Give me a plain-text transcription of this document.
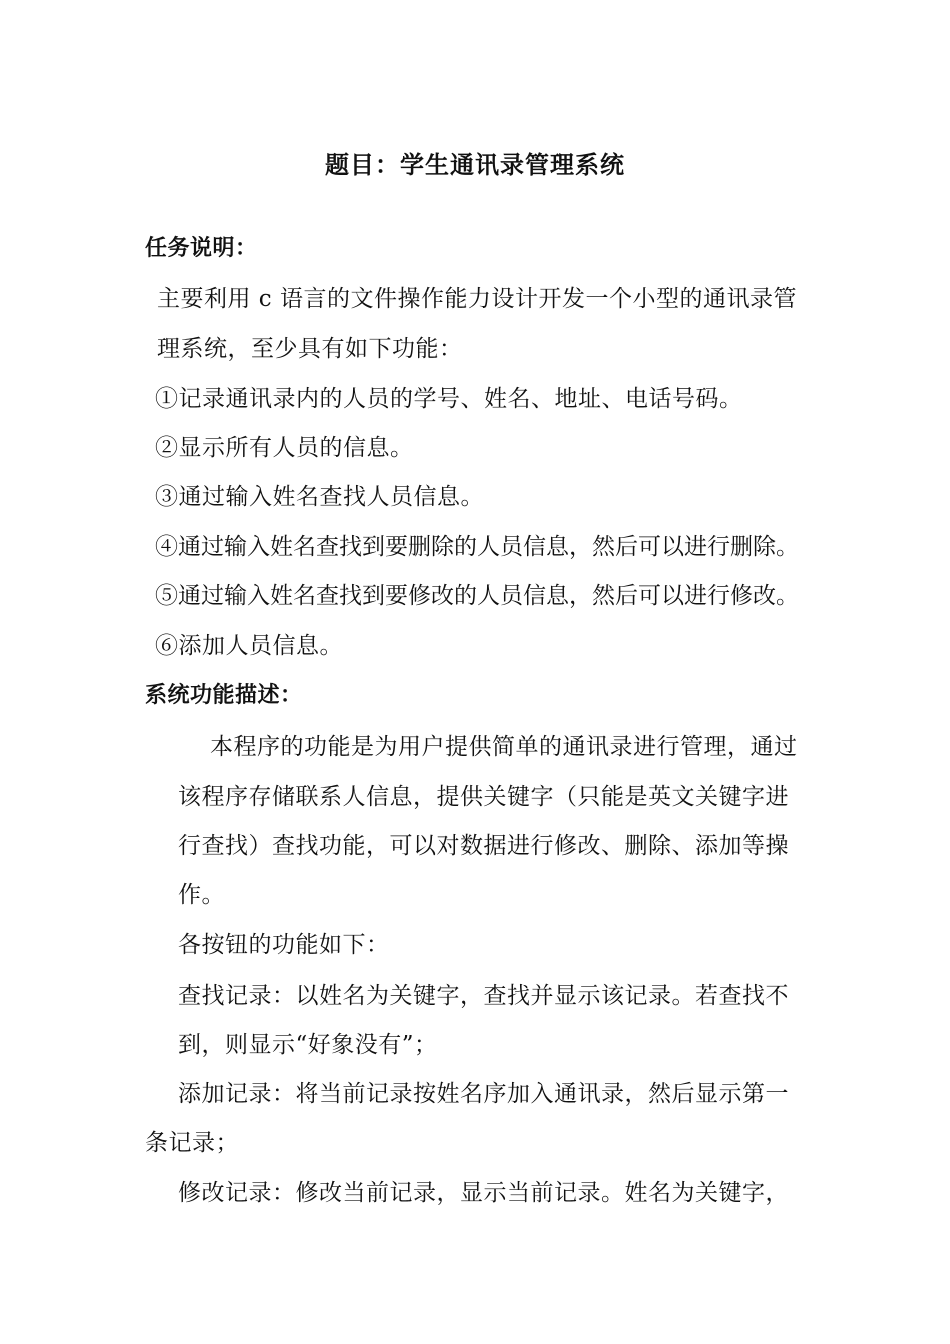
题目：学生通讯录管理系统
任务说明：
主要利用 c 语言的文件操作能力设计开发一个小型的通讯录管
理系统，至少具有如下功能：
①记录通讯录内的人员的学号、姓名、地址、电话号码。
②显示所有人员的信息。
③通过输入姓名查找人员信息。
④通过输入姓名查找到要删除的人员信息，然后可以进行删除。
⑤通过输入姓名查找到要修改的人员信息，然后可以进行修改。
⑥添加人员信息。
系统功能描述：
本程序的功能是为用户提供简单的通讯录进行管理，通过
该程序存储联系人信息，提供关键字（只能是英文关键字进
行查找）查找功能，可以对数据进行修改、删除、添加等操
作。
各按钮的功能如下：
查找记录：以姓名为关键字，查找并显示该记录。若查找不
到，则显示“好象没有”；
添加记录：将当前记录按姓名序加入通讯录，然后显示第一
条记录；
修改记录：修改当前记录，显示当前记录。姓名为关键字，
